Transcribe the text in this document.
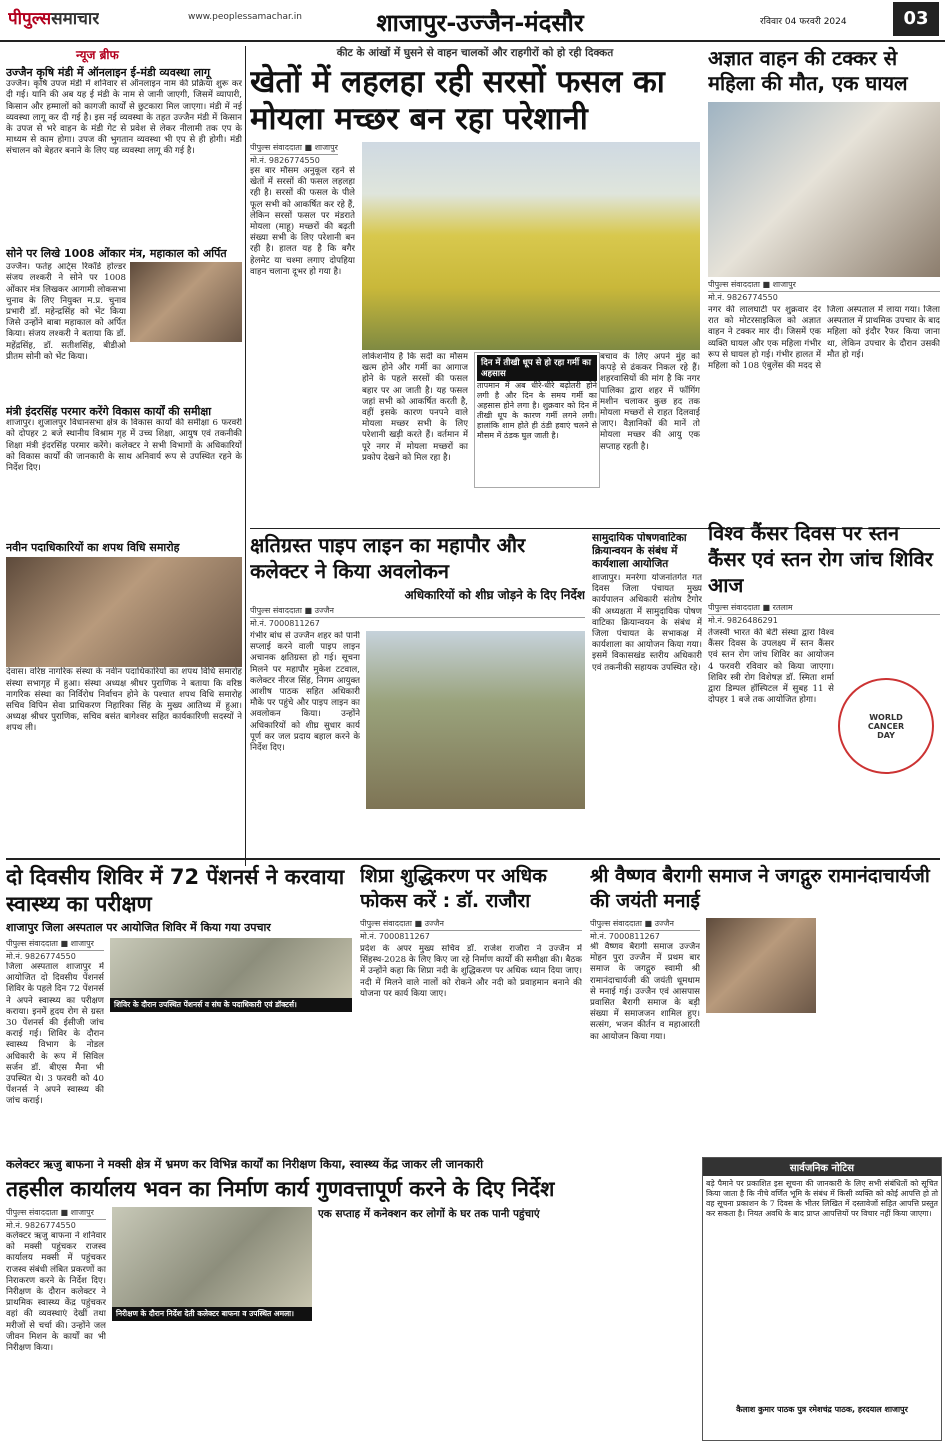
पीपुल्ससमाचार	www.peoplessamachar.in	शाजापुर-उज्जैन-मंदसौर	रविवार 04 फरवरी 2024	03
न्यूज ब्रीफ
उज्जैन कृषि मंडी में ऑनलाइन ई-मंडी व्यवस्था लागू
उज्जैन। कृषि उपज मंडी में शनिवार से ऑनलाइन नाम की प्रक्रिया शुरू कर दी गई। यानि की अब यह ई मंडी के नाम से जानी जाएगी, जिसमें व्यापारी, किसान और हम्मालों को कागजी कार्यों से छुटकारा मिल जाएगा। मंडी में नई व्यवस्था लागू कर दी गई है। इस नई व्यवस्था के तहत उज्जैन मंडी में किसान के उपज से भरे वाहन के मंडी गेट से प्रवेश से लेकर नीलामी तक एप के माध्यम से काम होगा। उपज की भुगतान व्यवस्था भी एप से ही होगी। मंडी संचालन को बेहतर बनाने के लिए यह व्यवस्था लागू की गई है।
सोने पर लिखे 1008 ओंकार मंत्र, महाकाल को अर्पित
उज्जैन। फतेह आर्ट्स रिकॉर्ड होल्डर संजय लश्करी ने सोने पर 1008 ओंकार मंत्र लिखकर आगामी लोकसभा चुनाव के लिए नियुक्त म.प्र. चुनाव प्रभारी डॉ. महेन्द्रसिंह को भेंट किया जिसे उन्होंने बाबा महाकाल को अर्पित किया। संजय लश्करी ने बताया कि डॉ. महेंद्रसिंह, डॉ. सतीशसिंह, बीडीओ प्रीतम सोनी को भेंट किया।
मंत्री इंदरसिंह परमार करेंगे विकास कार्यों की समीक्षा
शाजापुर। शुजालपुर विधानसभा क्षेत्र के विकास कार्यों की समीक्षा 6 फरवरी को दोपहर 2 बजे स्थानीय विश्राम गृह में उच्च शिक्षा, आयुष एवं तकनीकी शिक्षा मंत्री इंदरसिंह परमार करेंगे। कलेक्टर ने सभी विभागों के अधिकारियों को विकास कार्यों की जानकारी के साथ अनिवार्य रूप से उपस्थित रहने के निर्देश दिए।
नवीन पदाधिकारियों का शपथ विधि समारोह
देवास। वरिष्ठ नागरिक संस्था के नवीन पदाधिकारियों का शपथ विधि समारोह संस्था सभागृह में हुआ। संस्था अध्यक्ष श्रीधर पुराणिक ने बताया कि वरिष्ठ नागरिक संस्था का निर्विरोध निर्वाचन होने के पश्चात शपथ विधि समारोह सचिव विपिन सेवा प्राधिकरण निहारिका सिंह के मुख्य आतिथ्य में हुआ। अध्यक्ष श्रीधर पुराणिक, सचिव बसंत बागेश्वर सहित कार्यकारिणी सदस्यों ने शपथ ली।
कीट के आंखों में घुसने से वाहन चालकों और राहगीरों को हो रही दिक्कत
खेतों में लहलहा रही सरसों फसल का मोयला मच्छर बन रहा परेशानी
पीपुल्स संवाददाता ■ शाजापुर
मो.नं. 9826774550
इस बार मौसम अनुकूल रहने से खेतों में सरसों की फसल लहलहा रही है। सरसों की फसल के पीले फूल सभी को आकर्षित कर रहे हैं, लेकिन सरसों फसल पर मंडराते मोयला (माहू) मच्छरों की बढ़ती संख्या सभी के लिए परेशानी बन रही है। हालत यह है कि बगैर हेलमेट या चश्मा लगाए दोपहिया वाहन चलाना दूभर हो गया है।
लोकेशनीय है कि सर्दी का मौसम खत्म होने और गर्मी का आगाज होने के पहले सरसों की फसल बहार पर आ जाती है। यह फसल जहां सभी को आकर्षित करती है, वहीं इसके कारण पनपने वाले मोयला मच्छर सभी के लिए परेशानी खड़ी करते हैं। वर्तमान में पूरे नगर में मोयला मच्छरों का प्रकोप देखने को मिल रहा है।
दिन में तीखी धूप से हो रहा गर्मी का अहसास
तापमान में अब धीरे-धीरे बढ़ोतरी होने लगी है और दिन के समय गर्मी का अहसास होने लगा है। शुक्रवार को दिन में तीखी धूप के कारण गर्मी लगने लगी। हालांकि शाम होते ही ठंडी हवाएं चलने से मौसम में ठंडक घुल जाती है।
बचाव के लिए अपने मुंह को कपड़े से ढंककर निकल रहे हैं। शहरवासियों की मांग है कि नगर पालिका द्वारा शहर में फॉगिंग मशीन चलाकर कुछ हद तक मोयला मच्छरों से राहत दिलवाई जाए। वैज्ञानिकों की मानें तो मोयला मच्छर की आयु एक सप्ताह रहती है।
अज्ञात वाहन की टक्कर से महिला की मौत, एक घायल
पीपुल्स संवाददाता ■ शाजापुर
मो.नं. 9826774550
नगर की लालघाटी पर शुक्रवार देर रात को मोटरसाइकिल को अज्ञात वाहन ने टक्कर मार दी। जिसमें एक व्यक्ति घायल और एक महिला गंभीर रूप से घायल हो गई। गंभीर हालत में महिला को 108 एंबुलेंस की मदद से जिला अस्पताल में लाया गया। जिला अस्पताल में प्राथमिक उपचार के बाद महिला को इंदौर रैफर किया जाना था, लेकिन उपचार के दौरान उसकी मौत हो गई।
क्षतिग्रस्त पाइप लाइन का महापौर और कलेक्टर ने किया अवलोकन
अधिकारियों को शीघ्र जोड़ने के दिए निर्देश
पीपुल्स संवाददाता ■ उज्जैन
मो.नं. 7000811267
गंभीर बांध से उज्जैन शहर को पानी सप्लाई करने वाली पाइप लाइन अचानक क्षतिग्रस्त हो गई। सूचना मिलने पर महापौर मुकेश टटवाल, कलेक्टर नीरज सिंह, निगम आयुक्त आशीष पाठक सहित अधिकारी मौके पर पहुंचे और पाइप लाइन का अवलोकन किया। उन्होंने अधिकारियों को शीघ्र सुधार कार्य पूर्ण कर जल प्रदाय बहाल करने के निर्देश दिए।
सामुदायिक पोषणवाटिका क्रियान्वयन के संबंध में कार्यशाला आयोजित
शाजापुर। मनरेगा योजनांतर्गत गत दिवस जिला पंचायत मुख्य कार्यपालन अधिकारी संतोष टैगोर की अध्यक्षता में सामुदायिक पोषण वाटिका क्रियान्वयन के संबंध में जिला पंचायत के सभाकक्ष में कार्यशाला का आयोजन किया गया। इसमें विकासखंड स्तरीय अधिकारी एवं तकनीकी सहायक उपस्थित रहे।
विश्व कैंसर दिवस पर स्तन कैंसर एवं स्तन रोग जांच शिविर आज
पीपुल्स संवाददाता ■ रतलाम
मो.नं. 9826486291
तेजस्वी भारत की बेटी संस्था द्वारा विश्व कैंसर दिवस के उपलक्ष्य में स्तन कैंसर एवं स्तन रोग जांच शिविर का आयोजन 4 फरवरी रविवार को किया जाएगा। शिविर स्त्री रोग विशेषज्ञ डॉ. स्मिता शर्मा द्वारा डिम्पल हॉस्पिटल में सुबह 11 से दोपहर 1 बजे तक आयोजित होगा।
WORLD
CANCER
DAY
दो दिवसीय शिविर में 72 पेंशनर्स ने करवाया स्वास्थ्य का परीक्षण
शाजापुर जिला अस्पताल पर आयोजित शिविर में किया गया उपचार
पीपुल्स संवाददाता ■ शाजापुर
मो.नं. 9826774550
जिला अस्पताल शाजापुर में आयोजित दो दिवसीय पेंशनर्स शिविर के पहले दिन 72 पेंशनर्स ने अपने स्वास्थ्य का परीक्षण कराया। इनमें हृदय रोग से ग्रस्त 30 पेंशनर्स की ईसीजी जांच कराई गई। शिविर के दौरान स्वास्थ्य विभाग के नोडल अधिकारी के रूप में सिविल सर्जन डॉ. बीएस मैना भी उपस्थित थे। 3 फरवरी को 40 पेंशनर्स ने अपने स्वास्थ्य की जांच कराई।
शिविर के दौरान उपस्थित पेंशनर्स व संघ के पदाधिकारी एवं डॉक्टर्स।
शिप्रा शुद्धिकरण पर अधिक फोकस करें : डॉ. राजौरा
पीपुल्स संवाददाता ■ उज्जैन
मो.नं. 7000811267
प्रदेश के अपर मुख्य सचिव डॉ. राजेश राजौरा ने उज्जैन में सिंहस्थ-2028 के लिए किए जा रहे निर्माण कार्यों की समीक्षा की। बैठक में उन्होंने कहा कि शिप्रा नदी के शुद्धिकरण पर अधिक ध्यान दिया जाए। नदी में मिलने वाले नालों को रोकने और नदी को प्रवाहमान बनाने की योजना पर कार्य किया जाए।
श्री वैष्णव बैरागी समाज ने जगद्गुरु रामानंदाचार्यजी की जयंती मनाई
पीपुल्स संवाददाता ■ उज्जैन
मो.नं. 7000811267
श्री वैष्णव बैरागी समाज उज्जैन मोहन पुरा उज्जैन में प्रथम बार समाज के जगद्गुरु स्वामी श्री रामानंदाचार्यजी की जयंती धूमधाम से मनाई गई। उज्जैन एवं आसपास प्रवासित बैरागी समाज के बड़ी संख्या में समाजजन शामिल हुए। सत्संग, भजन कीर्तन व महाआरती का आयोजन किया गया।
सार्वजनिक नोटिस
बड़े पैमाने पर प्रकाशित इस सूचना की जानकारी के लिए सभी संबंधितों को सूचित किया जाता है कि नीचे वर्णित भूमि के संबंध में किसी व्यक्ति को कोई आपत्ति हो तो वह सूचना प्रकाशन के 7 दिवस के भीतर लिखित में दस्तावेजों सहित आपत्ति प्रस्तुत कर सकता है। नियत अवधि के बाद प्राप्त आपत्तियों पर विचार नहीं किया जाएगा।
कैलाश कुमार पाठक पुत्र रमेशचंद्र पाठक, हरदयाल शाजापुर
कलेक्टर ऋजु बाफना ने मक्सी क्षेत्र में भ्रमण कर विभिन्न कार्यों का निरीक्षण किया, स्वास्थ्य केंद्र जाकर ली जानकारी
तहसील कार्यालय भवन का निर्माण कार्य गुणवत्तापूर्ण करने के दिए निर्देश
पीपुल्स संवाददाता ■ शाजापुर
मो.नं. 9826774550
कलेक्टर ऋजु बाफना ने शनिवार को मक्सी पहुंचकर राजस्व कार्यालय मक्सी में पहुंचकर राजस्व संबंधी लंबित प्रकरणों का निराकरण करने के निर्देश दिए। निरीक्षण के दौरान कलेक्टर ने प्राथमिक स्वास्थ्य केंद्र पहुंचकर वहां की व्यवस्थाएं देखीं तथा मरीजों से चर्चा की। उन्होंने जल जीवन मिशन के कार्यों का भी निरीक्षण किया।
निरीक्षण के दौरान निर्देश देती कलेक्टर बाफना व उपस्थित अमला।
एक सप्ताह में कनेक्शन कर लोगों के घर तक पानी पहुंचाएं
